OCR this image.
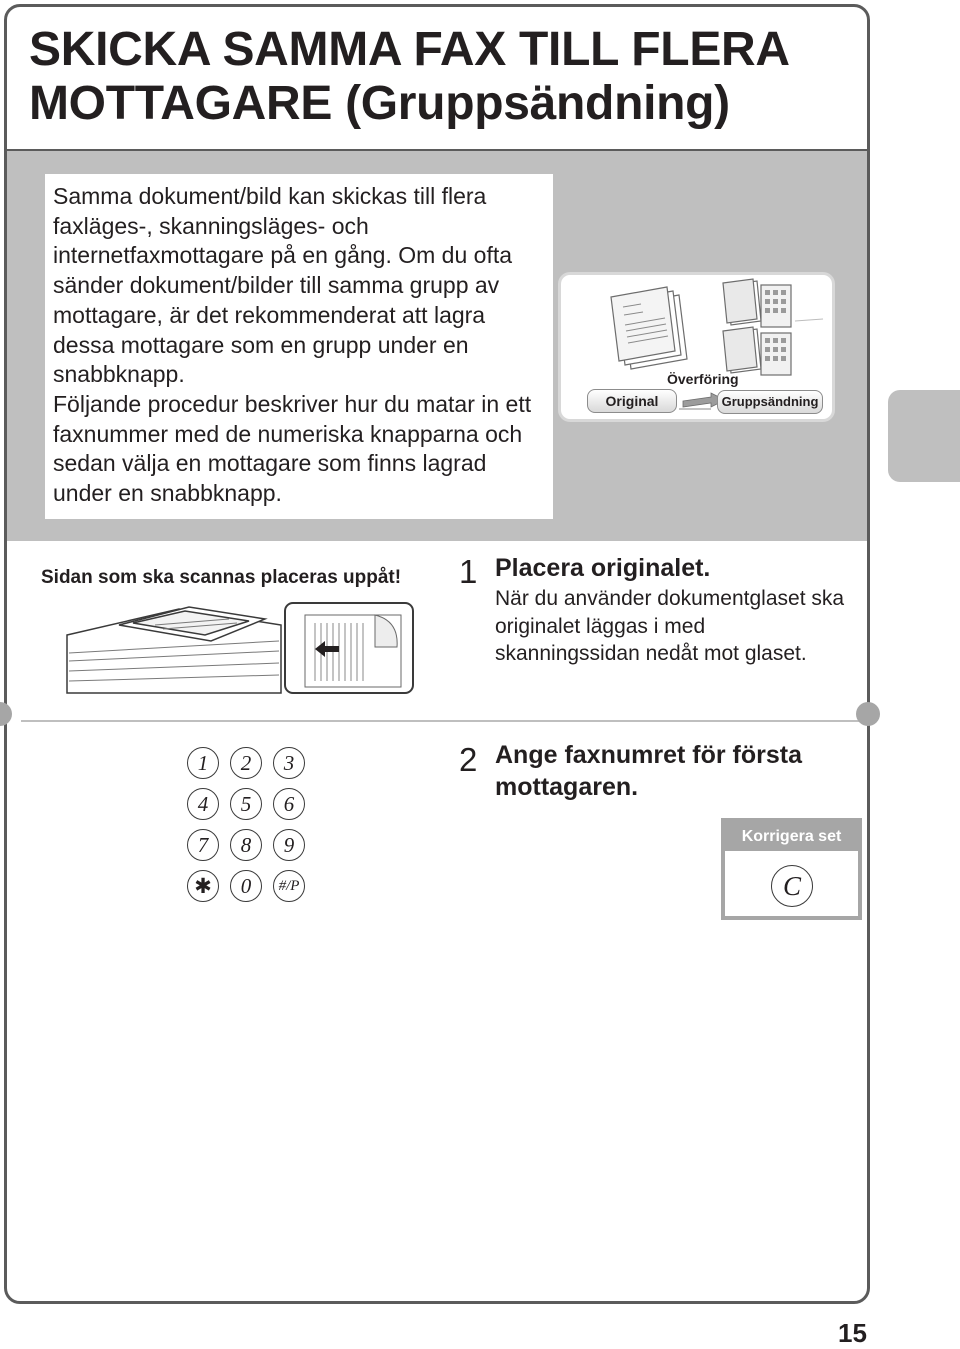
SKICKA SAMMA FAX TILL FLERA
MOTTAGARE (Gruppsändning)

Samma dokument/bild kan skickas till flera faxläges-, skanningsläges- och internetfaxmottagare på en gång. Om du ofta sänder dokument/bilder till samma grupp av mottagare, är det rekommenderat att lagra dessa mottagare som en grupp under en snabbknapp.

Följande procedur beskriver hur du matar in ett faxnummer med de numeriska knapparna och sedan välja en mottagare som finns lagrad under en snabbknapp.

Överföring
Original	Gruppsändning
Sidan som ska scannas placeras uppåt! 1 Placera originalet.
När du använder dokumentglaset ska originalet läggas i med skanningssidan nedåt mot glaset.
1	2	3
4	5	6
7	8	9
✱	0	#/P
2 Ange faxnumret för första mottagaren.
Korrigera set
C
15
